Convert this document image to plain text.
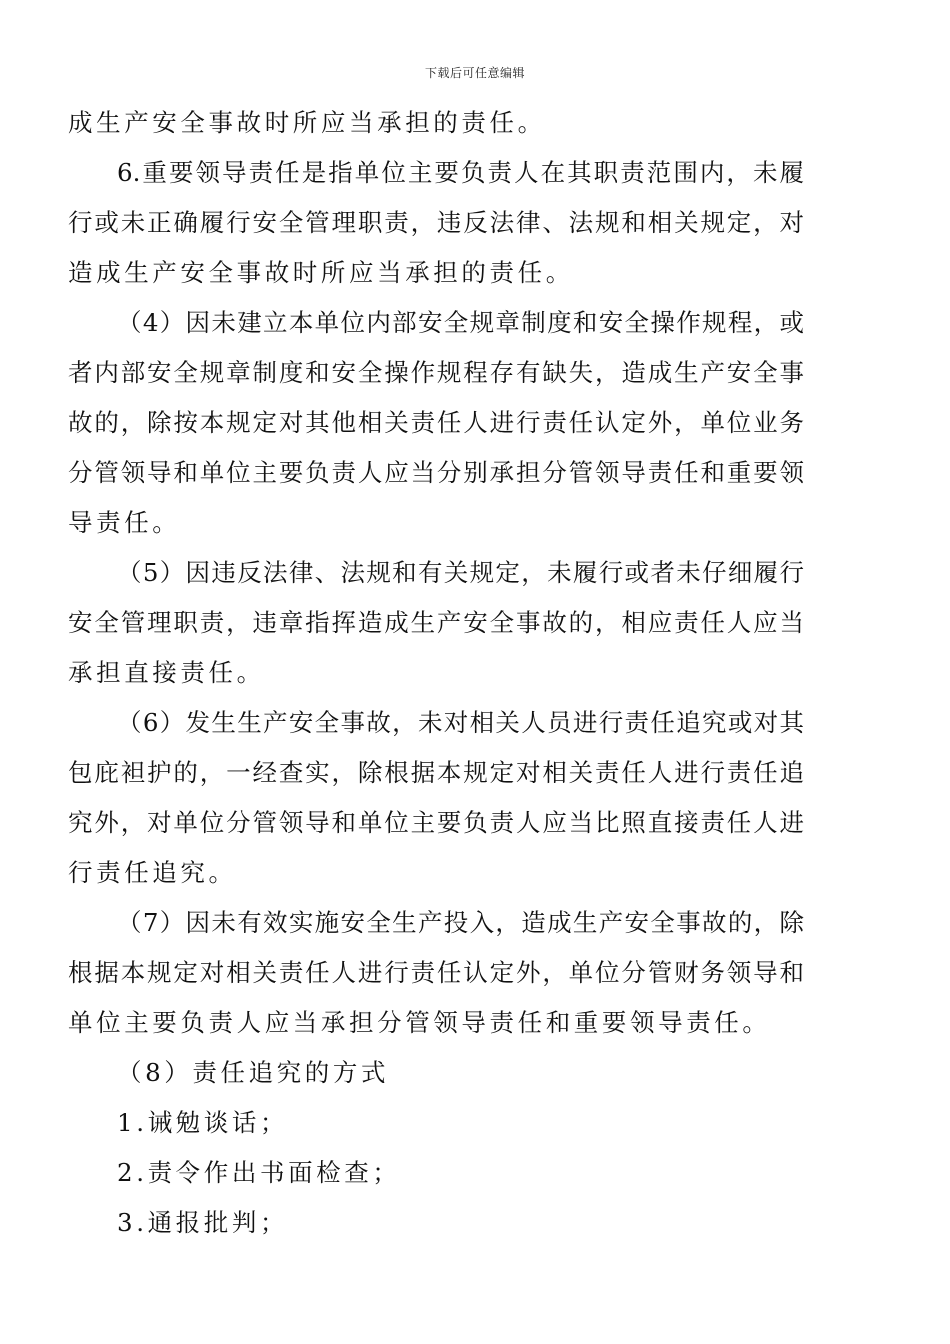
下载后可任意编辑
成生产安全事故时所应当承担的责任。
6.重要领导责任是指单位主要负责人在其职责范围内，未履
行或未正确履行安全管理职责，违反法律、法规和相关规定，对
造成生产安全事故时所应当承担的责任。
（4）因未建立本单位内部安全规章制度和安全操作规程，或
者内部安全规章制度和安全操作规程存有缺失，造成生产安全事
故的，除按本规定对其他相关责任人进行责任认定外，单位业务
分管领导和单位主要负责人应当分别承担分管领导责任和重要领
导责任。
（5）因违反法律、法规和有关规定，未履行或者未仔细履行
安全管理职责，违章指挥造成生产安全事故的，相应责任人应当
承担直接责任。
（6）发生生产安全事故，未对相关人员进行责任追究或对其
包庇袒护的，一经查实，除根据本规定对相关责任人进行责任追
究外，对单位分管领导和单位主要负责人应当比照直接责任人进
行责任追究。
（7）因未有效实施安全生产投入，造成生产安全事故的，除
根据本规定对相关责任人进行责任认定外，单位分管财务领导和
单位主要负责人应当承担分管领导责任和重要领导责任。
（8）责任追究的方式
1.诫勉谈话；
2.责令作出书面检查；
3.通报批判；
